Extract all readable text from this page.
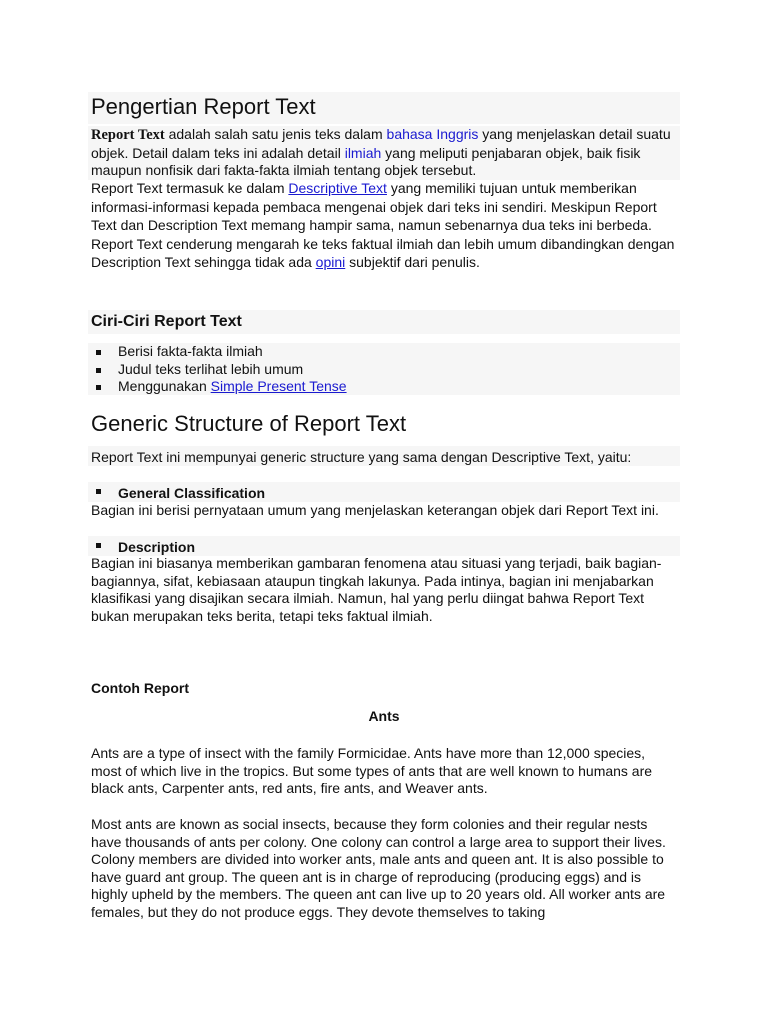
Pengertian Report Text

Report Text adalah salah satu jenis teks dalam bahasa Inggris yang menjelaskan detail suatu objek. Detail dalam teks ini adalah detail ilmiah yang meliputi penjabaran objek, baik fisik maupun nonfisik dari fakta-fakta ilmiah tentang objek tersebut.

Report Text termasuk ke dalam Descriptive Text yang memiliki tujuan untuk memberikan informasi-informasi kepada pembaca mengenai objek dari teks ini sendiri. Meskipun Report Text dan Description Text memang hampir sama, namun sebenarnya dua teks ini berbeda. Report Text cenderung mengarah ke teks faktual ilmiah dan lebih umum dibandingkan dengan Description Text sehingga tidak ada opini subjektif dari penulis.

Ciri-Ciri Report Text
Berisi fakta-fakta ilmiah
Judul teks terlihat lebih umum
Menggunakan Simple Present Tense
Generic Structure of Report Text

Report Text ini mempunyai generic structure yang sama dengan Descriptive Text, yaitu:

General Classification

Bagian ini berisi pernyataan umum yang menjelaskan keterangan objek dari Report Text ini.

Description

Bagian ini biasanya memberikan gambaran fenomena atau situasi yang terjadi, baik bagian-bagiannya, sifat, kebiasaan ataupun tingkah lakunya. Pada intinya, bagian ini menjabarkan klasifikasi yang disajikan secara ilmiah. Namun, hal yang perlu diingat bahwa Report Text bukan merupakan teks berita, tetapi teks faktual ilmiah.

Contoh Report
Ants

Ants are a type of insect with the family Formicidae. Ants have more than 12,000 species, most of which live in the tropics. But some types of ants that are well known to humans are black ants, Carpenter ants, red ants, fire ants, and Weaver ants.

Most ants are known as social insects, because they form colonies and their regular nests have thousands of ants per colony. One colony can control a large area to support their lives. Colony members are divided into worker ants, male ants and queen ant. It is also possible to have guard ant group. The queen ant is in charge of reproducing (producing eggs) and is highly upheld by the members. The queen ant can live up to 20 years old. All worker ants are females, but they do not produce eggs. They devote themselves to taking
